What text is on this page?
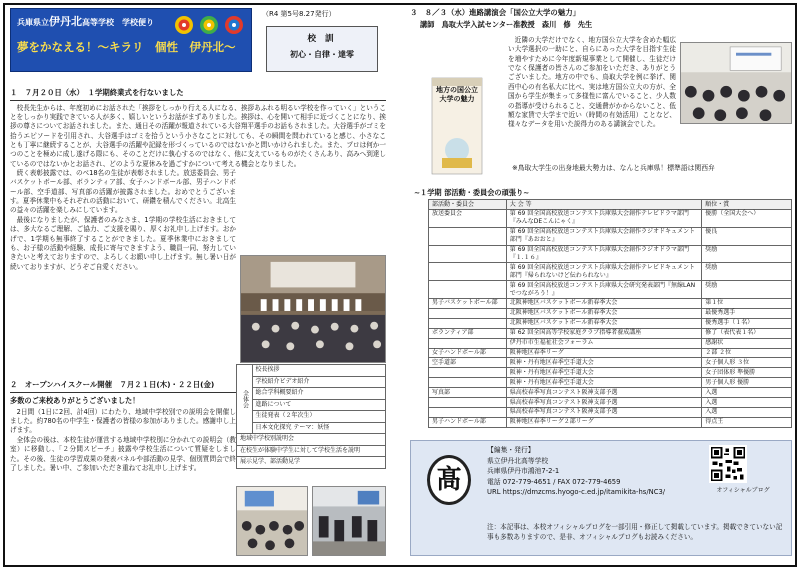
兵庫県立伊丹北高等学校　学校便り
夢をかなえる！～キラリ　個性　伊丹北～
（R4 第5号8.27発行）
校 訓
初心・自律・達零
１　７月２０日（水）　１学期終業式を行ないました

校長先生からは、年度初めにお話された「挨拶をしっかり行える人になる、挨拶あふれる明るい学校を作っていく」ということをしっかり実践できている人が多く、嬉しいというお話がまずありました。挨拶は、心を開いて相手に近づくことになり、挨拶の尊さについてお話されました。また、通日その活躍が報道されている大谷翔平選手のお話もされました。大谷選手がゴミを拾うエピソードを引用され、大谷選手はゴミを拾うという小さなことに対しても、その瞬間を問われていると感じ、小さなことも丁寧に継続することが、大谷選手の活躍や記録を形づくっているのではないかと問いかけられました。また、プロは何か一つのことを極めに成し遂げる際にも、そのことだけに執心するのではなく、他に支えているものがたくさんあり、高みへ到達しているのではないかとお話され、どのような夏休みを過ごすかについて考える機会となりました。

続く表彰披露では、のべ18名の生徒が表彰されました。放送委員会、男子バスケットボール部、ボランティア部、女子ハンドボール部、男子ハンドボール部、空手道部、写真部の活躍が披露されました。おめでとうございます。夏季休業中もそれぞれの活動において、研鑽を積んでください。北高生の益々の活躍を楽しみにしています。

最後になりましたが、保護者のみなさま、1学期の学校生活におきましては、多大なるご理解、ご協力、ご支援を賜り、厚くお礼申し上げます。おかげで、1学期も無事終了することができました。夏季休業中におきましても、お子様の活動や経験、成長に寄与できますよう、職員一同、努力していきたいと考えておりますので、よろしくお願い申し上げます。無し暑い日が続いておりますが、どうぞご自愛ください。

全体会	校長挨拶
学校紹介ビデオ紹介
総合学科概要紹介
進路について
生徒発表（２年次生）
日本文化探究 テーマ：妖怪
地域中学校別説明会
在校生が体験中学生に対して学校生活を説明
展示見学、部活動見学
２　オープンハイスクール開催　７月２１日(木)・２２日(金)
多数のご来校ありがとうございました！

2日間（1日に2回、計4回）にわたり、地域中学校別での説明会を開催しました。約780名の中学生・保護者の皆様の参加がありました。感謝申し上げます。

全体会の後は、本校生徒が運営する地域中学校別に分かれての説明会（教室）に移動し、「２分間スピーチ」披露や学校生活について質疑をしました。その後、生徒の学習成果の発表パネルや部活動の見学、個別質問会で終了しました。暑い中、ご参加いただき重ねてお礼申し上げます。

３　８／３（水）進路講演会「国公立大学の魅力」
講師　鳥取大学入試センター准教授　森川　修　先生
地方の国公立大学の魅力

近隣の大学だけでなく、地方国公立大学を含めた幅広い大学選択の一助にと、自らにあった大学を目指す生徒を増やすために今年度新規事業として開催し、生徒だけでなく保護者の皆さんのご参加をいただき、ありがとうございました。地方の中でも、鳥取大学を例に挙げ、関西中心の有名私大に比べ、実は地方国公立大の方が、全国から学生が集まって多様性に富んでいること、少人数の指導が受けられること、交通費がかからないこと、低額な家賃で大学まで近い（時間の有効活用）ことなど、様々なデータを用いた説得力のある講演会でした。

※鳥取大学生の出身地最大勢力は、なんと兵庫県！標準語は関西弁
~１学期 部活動・委員会の頑張り~
部活動・委員会	大 会 等	順位・賞
放送委員会	第 69 回全国高校放送コンテスト兵庫県大会創作テレビドラマ部門『みんなDEこんにゃく』	優勝（全国大会へ）
	第 69 回全国高校放送コンテスト兵庫県大会創作ラジオドキュメント部門『あおおと』	優良
	第 69 回全国高校放送コンテスト兵庫県大会創作ラジオドラマ部門『１.１６』	奨励
	第 69 回全国高校放送コンテスト兵庫県大会創作テレビドキュメント部門『帰られないけど伝わられない』	奨励
	第 69 回全国高校放送コンテスト兵庫県大会研究発表部門『無線LANでつながろう！』	奨励
男子バスケットボール部	北阪神地区バスケットボール新春季大会	第１位
	北阪神地区バスケットボール新春季大会	最優秀選手
	北阪神地区バスケットボール新春季大会	優秀選手（１名）
ボランティア部	第 62 回全国高等学校家庭クラブ指導者養成講座	修了（表代表１名）
	伊丹市市生福祉社会フォーラム	感謝状
女子ハンドボール部	阪神地区春季リーグ	２部 ２位
空手道部	阪神・丹有地区春季空手道大会	女子個人形 ３位
	阪神・丹有地区春季空手道大会	女子団体形 準優勝
	阪神・丹有地区春季空手道大会	男子個人形 優勝
写真部	県高校春季写真コンテスト阪神支部予選	入選
	県高校春季写真コンテスト阪神支部予選	入選
	県高校春季写真コンテスト阪神支部予選	入選
男子ハンドボール部	阪神地区春季リーグ２部リーグ	得点王
髙
【編集・発行】
県立伊丹北高等学校
兵庫県伊丹市鴻池7-2-1
電話 072-779-4651 / FAX 072-779-4659
URL https://dmzcms.hyogo-c.ed.jp/itamikita-hs/NC3/	オフィシャルブログ
注：本記事は、本校オフィシャルブログを一部引用・修正して掲載しています。掲載できていない記事も多数ありますので、是非、オフィシャルブログもお読みください。
